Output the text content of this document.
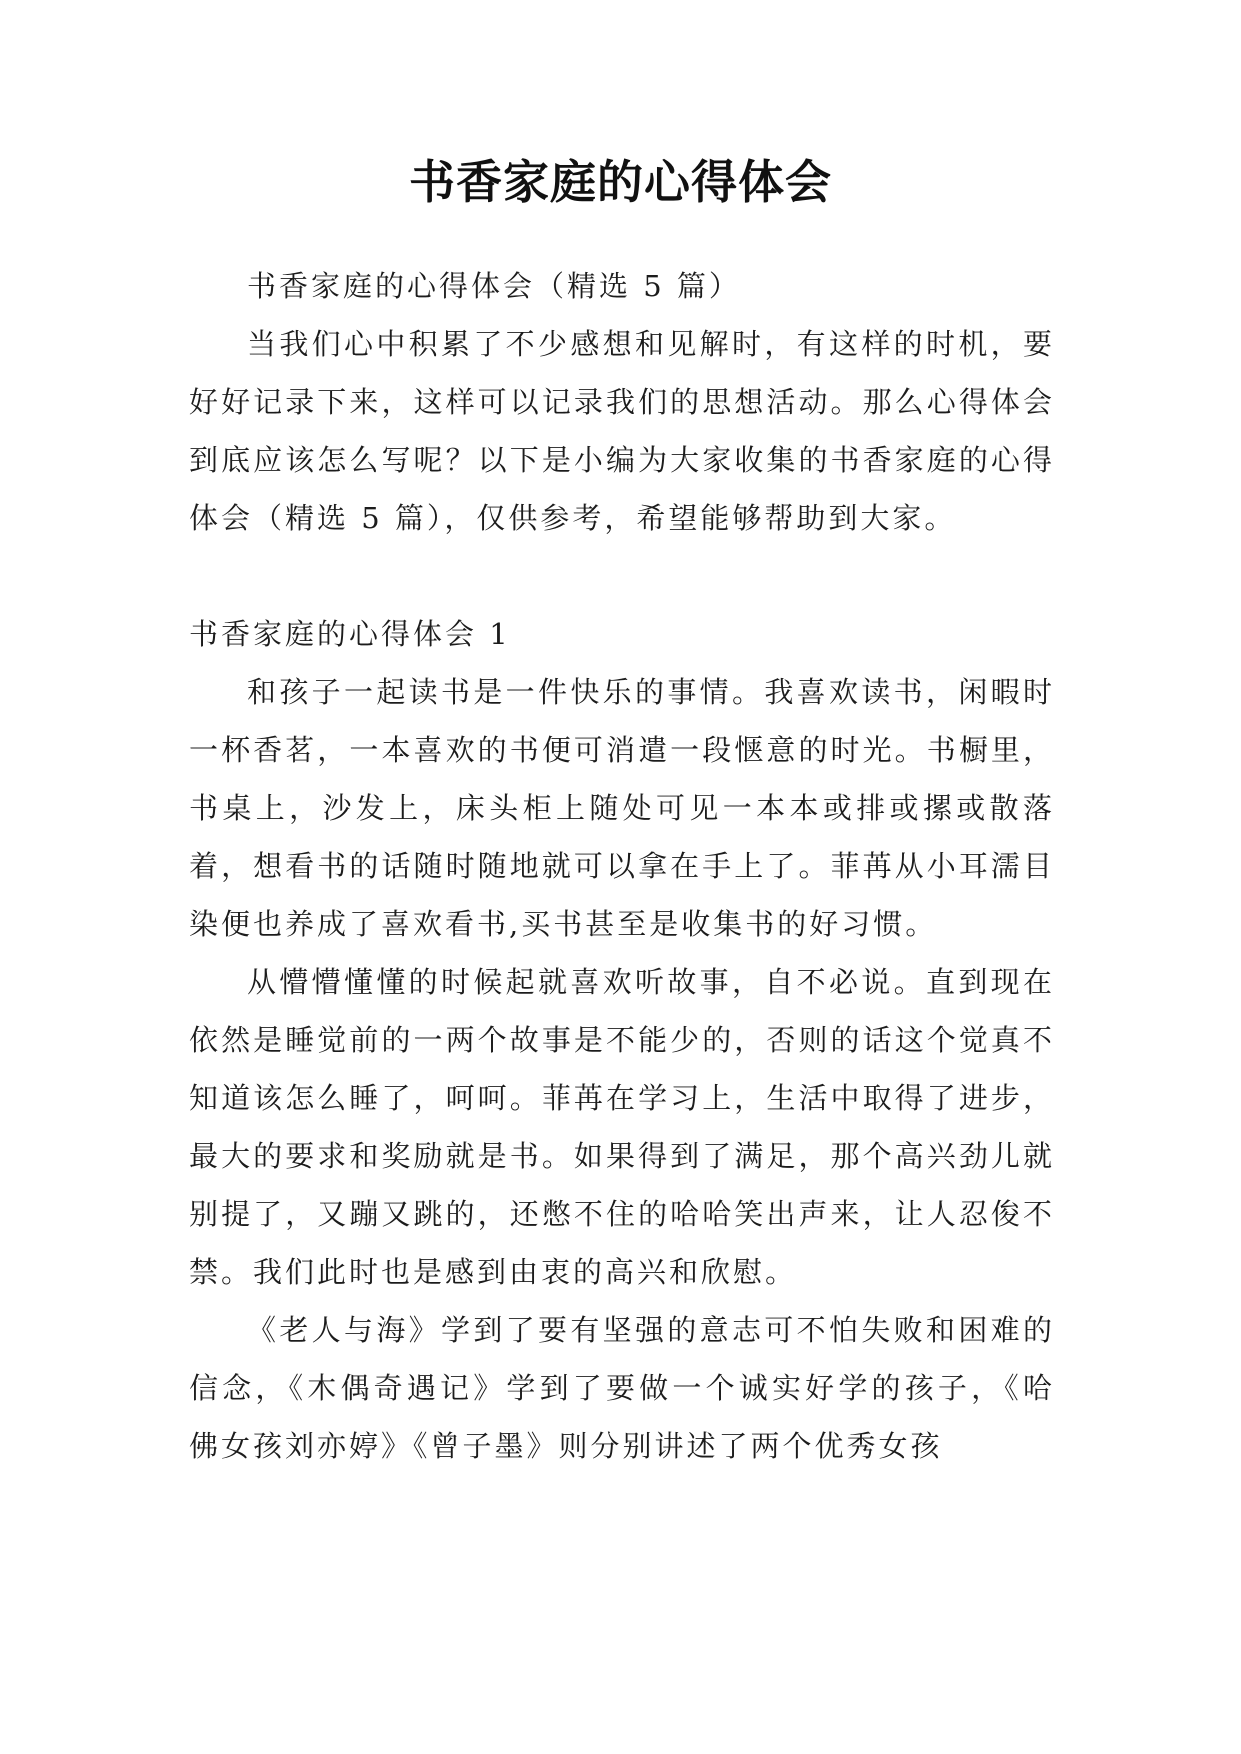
书香家庭的心得体会

书香家庭的心得体会（精选 5 篇）

当我们心中积累了不少感想和见解时，有这样的时机，要好好记录下来，这样可以记录我们的思想活动。那么心得体会到底应该怎么写呢？以下是小编为大家收集的书香家庭的心得体会（精选 5 篇），仅供参考，希望能够帮助到大家。

书香家庭的心得体会 1

和孩子一起读书是一件快乐的事情。我喜欢读书，闲暇时一杯香茗，一本喜欢的书便可消遣一段惬意的时光。书橱里，书桌上，沙发上，床头柜上随处可见一本本或排或摞或散落着，想看书的话随时随地就可以拿在手上了。菲苒从小耳濡目染便也养成了喜欢看书,买书甚至是收集书的好习惯。

从懵懵懂懂的时候起就喜欢听故事，自不必说。直到现在依然是睡觉前的一两个故事是不能少的，否则的话这个觉真不知道该怎么睡了，呵呵。菲苒在学习上，生活中取得了进步，最大的要求和奖励就是书。如果得到了满足，那个高兴劲儿就别提了，又蹦又跳的，还憋不住的哈哈笑出声来，让人忍俊不禁。我们此时也是感到由衷的高兴和欣慰。

《老人与海》学到了要有坚强的意志可不怕失败和困难的信念，《木偶奇遇记》学到了要做一个诚实好学的孩子，《哈佛女孩刘亦婷》《曾子墨》则分别讲述了两个优秀女孩
